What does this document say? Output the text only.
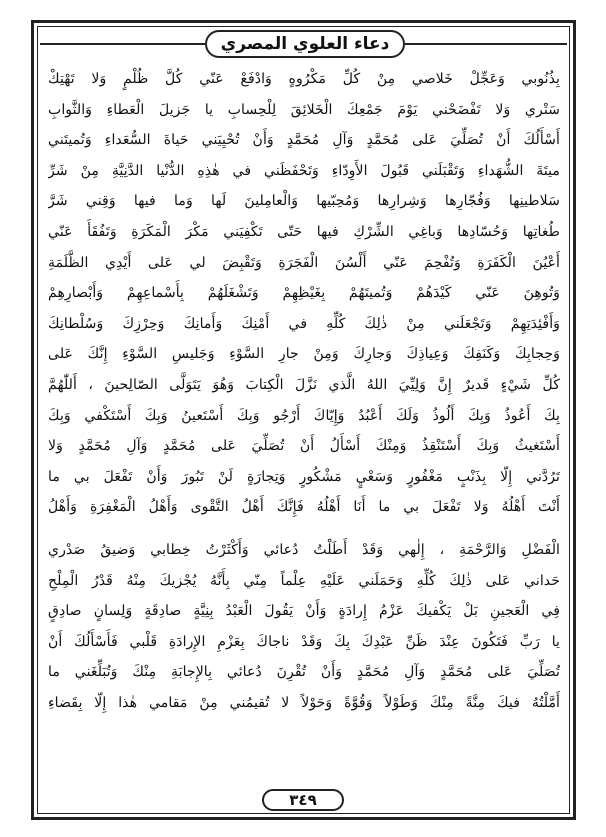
دعاء العلوي المصري
بِذُنُوبي وَعَجِّلْ خَلاصي مِنْ كُلِّ مَكْرُوهٍ وَادْفَعْ عَنّي كُلَّ ظُلْمٍ وَلا تَهْتِكْ
سَتْري وَلا تَفْضَحْني يَوْمَ جَمْعِكَ الْخَلائِقَ لِلْحِسابِ يا جَزيلَ الْعَطاءِ وَالثَّوابِ
أَسْأَلُكَ أَنْ تُصَلِّيَ عَلى مُحَمَّدٍ وَآلِ مُحَمَّدٍ وَأَنْ تُحْيِيَني حَياةَ السُّعَداءِ وَتُميتَني
ميتَةَ الشُّهَداءِ وَتَقْبَلَني قَبُولَ الأَوِدّاءِ وَتَحْفَظَني في هٰذِهِ الدُّنْيا الدَّنِيَّةِ مِنْ شَرِّ
سَلاطينِها وَفُجّارِها وَشِرارِها وَمُحِبّيها وَالْعامِلينَ لَها وَما فيها وَقِني شَرَّ
طُغاتِها وَحُسّادِها وَباغِي الشِّرْكِ فيها حَتّى تَكْفِيَني مَكْرَ الْمَكَرَةِ وَتَفُقَأَ عَنّي
أَعْيُنَ الْكَفَرَةِ وَتُفْحِمَ عَنّي أَلْسُنَ الْفَجَرَةِ وَتَقْبِضَ لي عَلى أَيْدِي الظَّلَمَةِ
وَتُوهِنَ عَنّي كَيْدَهُمْ وَتُميتَهُمْ بِغَيْظِهِمْ وَتَشْغَلَهُمْ بِأَسْماعِهِمْ وَأَبْصارِهِمْ
وَأَفْئِدَتِهِمْ وَتَجْعَلَني مِنْ ذٰلِكَ كُلِّهِ في أَمْنِكَ وَأَمانِكَ وَحِرْزِكَ وَسُلْطانِكَ
وَحِجابِكَ وَكَنَفِكَ وَعِياذِكَ وَجارِكَ وَمِنْ جارِ السَّوْءِ وَجَليسِ السَّوْءِ إِنَّكَ عَلى
كُلِّ شَيْءٍ قَديرٌ إِنَّ وَلِيِّيَ اللهُ الَّذي نَزَّلَ الْكِتابَ وَهُوَ يَتَوَلَّى الصّالِحينَ ، أَللّٰهُمَّ
بِكَ أَعُوذُ وَبِكَ أَلُوذُ وَلَكَ أَعْبُدُ وَإِيّاكَ أَرْجُو وَبِكَ أَسْتَعينُ وَبِكَ أَسْتَكْفي وَبِكَ
أَسْتَغيثُ وَبِكَ أَسْتَنْقِذُ وَمِنْكَ أَسْأَلُ أَنْ تُصَلِّيَ عَلى مُحَمَّدٍ وَآلِ مُحَمَّدٍ وَلا
تَرُدَّني إِلّا بِذَنْبٍ مَغْفُورٍ وَسَعْيٍ مَشْكُورٍ وَتِجارَةٍ لَنْ تَبُورَ وَأَنْ تَفْعَلَ بي ما
أَنْتَ أَهْلُهُ وَلا تَفْعَلَ بي ما أَنَا أَهْلُهُ فَإِنَّكَ أَهْلُ التَّقْوى وَأَهْلُ الْمَغْفِرَةِ وَأَهْلُ
الْفَضْلِ وَالرَّحْمَةِ ، إِلٰهي وَقَدْ أَطَلْتُ دُعائي وَأَكْثَرْتُ خِطابي وَضيقُ صَدْري
حَداني عَلى ذٰلِكَ كُلِّهِ وَحَمَلَني عَلَيْهِ عِلْماً مِنّي بِأَنَّهُ يُجْزيكَ مِنْهُ قَدْرُ الْمِلْحِ
فِي الْعَجينِ بَلْ يَكْفيكَ عَزْمُ إِرادَةٍ وَأَنْ يَقُولَ الْعَبْدُ بِنِيَّةٍ صادِقَةٍ وَلِسانٍ صادِقٍ
يا رَبِّ فَتَكُونَ عِنْدَ ظَنِّ عَبْدِكَ بِكَ وَقَدْ ناجاكَ بِعَزْمِ الإِرادَةِ قَلْبي فَأَسْأَلُكَ أَنْ
تُصَلِّيَ عَلى مُحَمَّدٍ وَآلِ مُحَمَّدٍ وَأَنْ تُقْرِنَ دُعائي بِالإِجابَةِ مِنْكَ وَتُبَلِّغَني ما
أَمَّلْتُهُ فيكَ مِنَّةً مِنْكَ وَطَوْلاً وَقُوَّةً وَحَوْلاً لا تُقيمُني مِنْ مَقامي هٰذا إِلّا بِقَضاءِ
٣٤٩
